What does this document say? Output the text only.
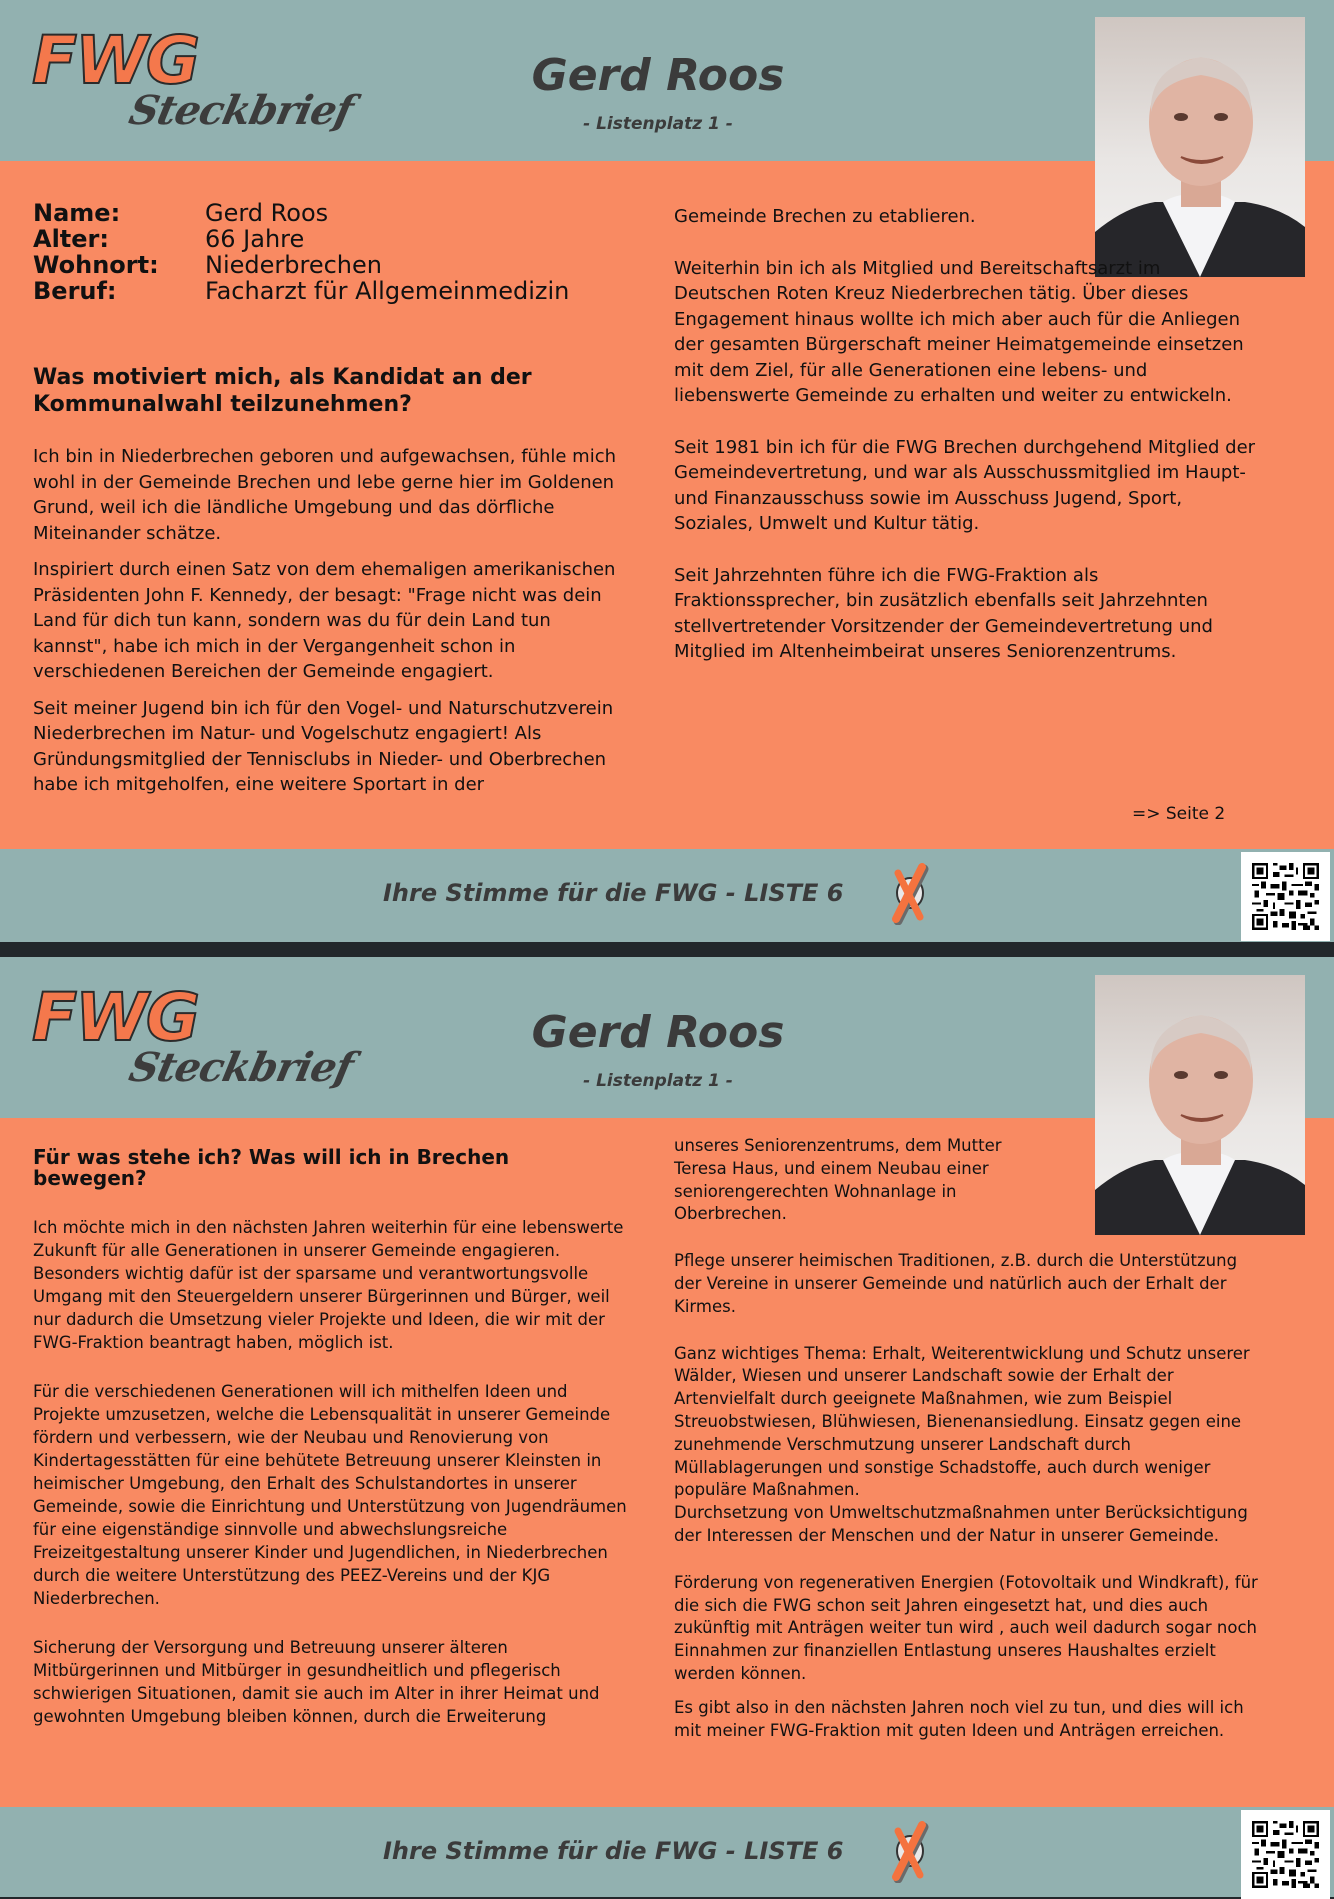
FWG
Steckbrief
Gerd Roos
- Listenplatz 1 -
Name:	Gerd Roos
Alter:	66 Jahre
Wohnort:	Niederbrechen
Beruf:	Facharzt für Allgemeinmedizin
Was motiviert mich, als Kandidat an der Kommunalwahl teilzunehmen?

Ich bin in Niederbrechen geboren und aufgewachsen, fühle mich wohl in der Gemeinde Brechen und lebe gerne hier im Goldenen Grund, weil ich die ländliche Umgebung und das dörfliche Miteinander schätze.

Inspiriert durch einen Satz von dem ehemaligen amerikanischen Präsidenten John F. Kennedy, der besagt: "Frage nicht was dein Land für dich tun kann, sondern was du für dein Land tun kannst", habe ich mich in der Vergangenheit schon in verschiedenen Bereichen der Gemeinde engagiert.

Seit meiner Jugend bin ich für den Vogel- und Naturschutzverein Niederbrechen im Natur- und Vogelschutz engagiert! Als Gründungsmitglied der Tennisclubs in Nieder- und Oberbrechen habe ich mitgeholfen, eine weitere Sportart in der

Gemeinde Brechen zu etablieren.

Weiterhin bin ich als Mitglied und Bereitschaftsarzt im Deutschen Roten Kreuz Niederbrechen tätig. Über dieses Engagement hinaus wollte ich mich aber auch für die Anliegen der gesamten Bürgerschaft meiner Heimatgemeinde einsetzen mit dem Ziel, für alle Generationen eine lebens- und liebenswerte Gemeinde zu erhalten und weiter zu entwickeln.

Seit 1981 bin ich für die FWG Brechen durchgehend Mitglied der Gemeindevertretung, und war als Ausschussmitglied im Haupt- und Finanzausschuss sowie im Ausschuss Jugend, Sport, Soziales, Umwelt und Kultur tätig.

Seit Jahrzehnten führe ich die FWG-Fraktion als Fraktionssprecher, bin zusätzlich ebenfalls seit Jahrzehnten stellvertretender Vorsitzender der Gemeindevertretung und Mitglied im Altenheimbeirat unseres Seniorenzentrums.

=> Seite 2
Ihre Stimme für die FWG - LISTE 6
FWG
Steckbrief
Gerd Roos
- Listenplatz 1 -
Für was stehe ich? Was will ich in Brechen bewegen?

Ich möchte mich in den nächsten Jahren weiterhin für eine lebenswerte Zukunft für alle Generationen in unserer Gemeinde engagieren. Besonders wichtig dafür ist der sparsame und verantwortungsvolle Umgang mit den Steuergeldern unserer Bürgerinnen und Bürger, weil nur dadurch die Umsetzung vieler Projekte und Ideen, die wir mit der FWG-Fraktion beantragt haben, möglich ist.

Für die verschiedenen Generationen will ich mithelfen Ideen und Projekte umzusetzen, welche die Lebensqualität in unserer Gemeinde fördern und verbessern, wie der Neubau und Renovierung von Kindertagesstätten für eine behütete Betreuung unserer Kleinsten in heimischer Umgebung, den Erhalt des Schulstandortes in unserer Gemeinde, sowie die Einrichtung und Unterstützung von Jugendräumen für eine eigenständige sinnvolle und abwechslungsreiche Freizeitgestaltung unserer Kinder und Jugendlichen, in Niederbrechen durch die weitere Unterstützung des PEEZ-Vereins und der KJG Niederbrechen.

Sicherung der Versorgung und Betreuung unserer älteren Mitbürgerinnen und Mitbürger in gesundheitlich und pflegerisch schwierigen Situationen, damit sie auch im Alter in ihrer Heimat und gewohnten Umgebung bleiben können, durch die Erweiterung

unseres Seniorenzentrums, dem Mutter Teresa Haus, und einem Neubau einer seniorengerechten Wohnanlage in Oberbrechen.

Pflege unserer heimischen Traditionen, z.B. durch die Unterstützung der Vereine in unserer Gemeinde und natürlich auch der Erhalt der Kirmes.

Ganz wichtiges Thema: Erhalt, Weiterentwicklung und Schutz unserer Wälder, Wiesen und unserer Landschaft sowie der Erhalt der Artenvielfalt durch geeignete Maßnahmen, wie zum Beispiel Streuobstwiesen, Blühwiesen, Bienenansiedlung. Einsatz gegen eine zunehmende Verschmutzung unserer Landschaft durch Müllablagerungen und sonstige Schadstoffe, auch durch weniger populäre Maßnahmen.
Durchsetzung von Umweltschutzmaßnahmen unter Berücksichtigung der Interessen der Menschen und der Natur in unserer Gemeinde.

Förderung von regenerativen Energien (Fotovoltaik und Windkraft), für die sich die FWG schon seit Jahren eingesetzt hat, und dies auch zukünftig mit Anträgen weiter tun wird , auch weil dadurch sogar noch Einnahmen zur finanziellen Entlastung unseres Haushaltes erzielt werden können.

Es gibt also in den nächsten Jahren noch viel zu tun, und dies will ich mit meiner FWG-Fraktion mit guten Ideen und Anträgen erreichen.

Ihre Stimme für die FWG - LISTE 6
